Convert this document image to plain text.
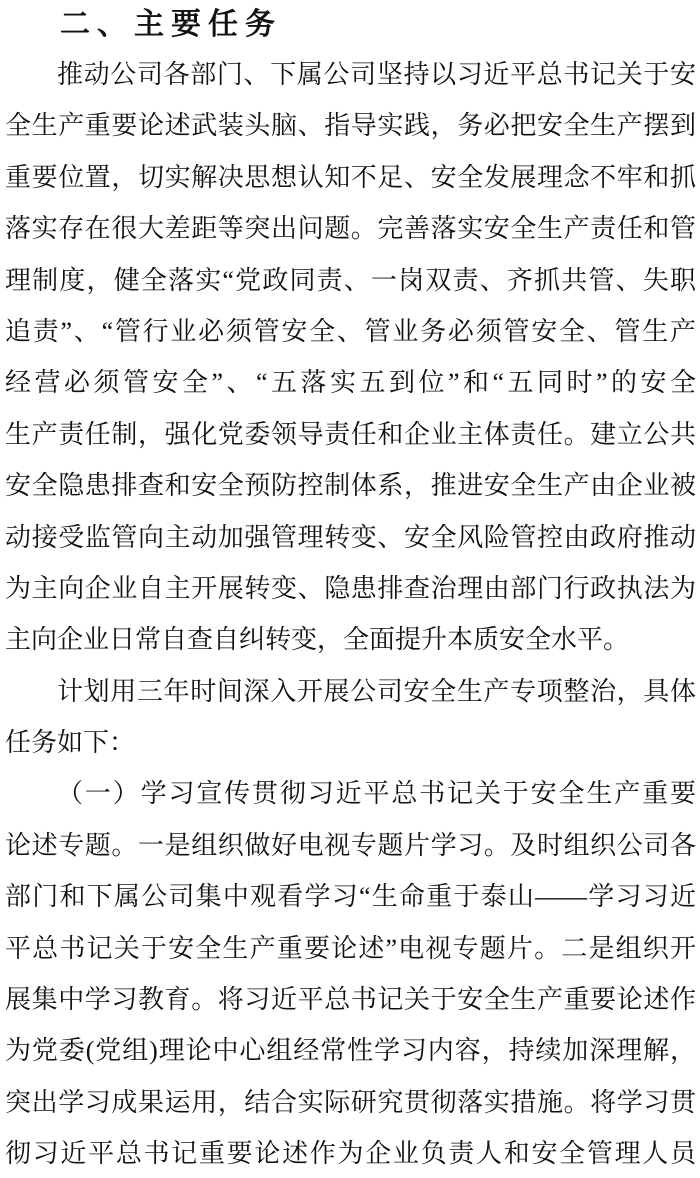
二、主要任务
推动公司各部门、下属公司坚持以习近平总书记关于安
全生产重要论述武装头脑、指导实践，务必把安全生产摆到
重要位置，切实解决思想认知不足、安全发展理念不牢和抓
落实存在很大差距等突出问题。完善落实安全生产责任和管
理制度，健全落实“党政同责、一岗双责、齐抓共管、失职
追责”、“管行业必须管安全、管业务必须管安全、管生产
经营必须管安全”、“五落实五到位”和“五同时”的安全
生产责任制，强化党委领导责任和企业主体责任。建立公共
安全隐患排查和安全预防控制体系，推进安全生产由企业被
动接受监管向主动加强管理转变、安全风险管控由政府推动
为主向企业自主开展转变、隐患排查治理由部门行政执法为
主向企业日常自查自纠转变，全面提升本质安全水平。
计划用三年时间深入开展公司安全生产专项整治，具体
任务如下：
（一）学习宣传贯彻习近平总书记关于安全生产重要
论述专题。一是组织做好电视专题片学习。及时组织公司各
部门和下属公司集中观看学习“生命重于泰山——学习习近
平总书记关于安全生产重要论述”电视专题片。二是组织开
展集中学习教育。将习近平总书记关于安全生产重要论述作
为党委(党组)理论中心组经常性学习内容，持续加深理解，
突出学习成果运用，结合实际研究贯彻落实措施。将学习贯
彻习近平总书记重要论述作为企业负责人和安全管理人员
